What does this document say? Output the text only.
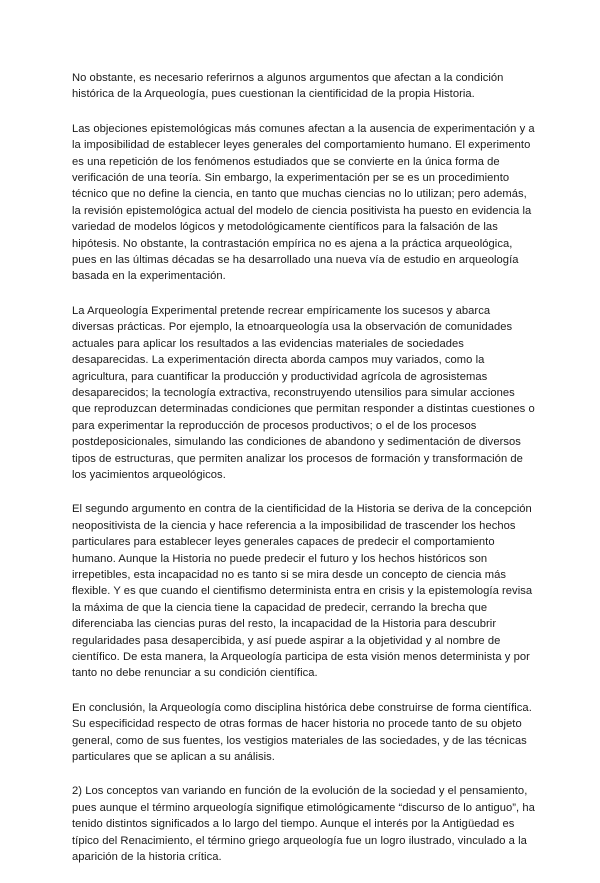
No obstante, es necesario referirnos a algunos argumentos que afectan a la condición
histórica de la Arqueología, pues cuestionan la cientificidad de la propia Historia.

Las objeciones epistemológicas más comunes afectan a la ausencia de experimentación y a
la imposibilidad de establecer leyes generales del comportamiento humano. El experimento
es una repetición de los fenómenos estudiados que se convierte en la única forma de
verificación de una teoría. Sin embargo, la experimentación per se es un procedimiento
técnico que no define la ciencia, en tanto que muchas ciencias no lo utilizan; pero además,
la revisión epistemológica actual del modelo de ciencia positivista ha puesto en evidencia la
variedad de modelos lógicos y metodológicamente científicos para la falsación de las
hipótesis. No obstante, la contrastación empírica no es ajena a la práctica arqueológica,
pues en las últimas décadas se ha desarrollado una nueva vía de estudio en arqueología
basada en la experimentación.

La Arqueología Experimental pretende recrear empíricamente los sucesos y abarca
diversas prácticas. Por ejemplo, la etnoarqueología usa la observación de comunidades
actuales para aplicar los resultados a las evidencias materiales de sociedades
desaparecidas. La experimentación directa aborda campos muy variados, como la
agricultura, para cuantificar la producción y productividad agrícola de agrosistemas
desaparecidos; la tecnología extractiva, reconstruyendo utensilios para simular acciones
que reproduzcan determinadas condiciones que permitan responder a distintas cuestiones o
para experimentar la reproducción de procesos productivos; o el de los procesos
postdeposicionales, simulando las condiciones de abandono y sedimentación de diversos
tipos de estructuras, que permiten analizar los procesos de formación y transformación de
los yacimientos arqueológicos.

El segundo argumento en contra de la cientificidad de la Historia se deriva de la concepción
neopositivista de la ciencia y hace referencia a la imposibilidad de trascender los hechos
particulares para establecer leyes generales capaces de predecir el comportamiento
humano. Aunque la Historia no puede predecir el futuro y los hechos históricos son
irrepetibles, esta incapacidad no es tanto si se mira desde un concepto de ciencia más
flexible. Y es que cuando el cientifismo determinista entra en crisis y la epistemología revisa
la máxima de que la ciencia tiene la capacidad de predecir, cerrando la brecha que
diferenciaba las ciencias puras del resto, la incapacidad de la Historia para descubrir
regularidades pasa desapercibida, y así puede aspirar a la objetividad y al nombre de
científico. De esta manera, la Arqueología participa de esta visión menos determinista y por
tanto no debe renunciar a su condición científica.

En conclusión, la Arqueología como disciplina histórica debe construirse de forma científica.
Su especificidad respecto de otras formas de hacer historia no procede tanto de su objeto
general, como de sus fuentes, los vestigios materiales de las sociedades, y de las técnicas
particulares que se aplican a su análisis.

2) Los conceptos van variando en función de la evolución de la sociedad y el pensamiento,
pues aunque el término arqueología signifique etimológicamente “discurso de lo antiguo”, ha
tenido distintos significados a lo largo del tiempo. Aunque el interés por la Antigüedad es
típico del Renacimiento, el término griego arqueología fue un logro ilustrado, vinculado a la
aparición de la historia crítica.
